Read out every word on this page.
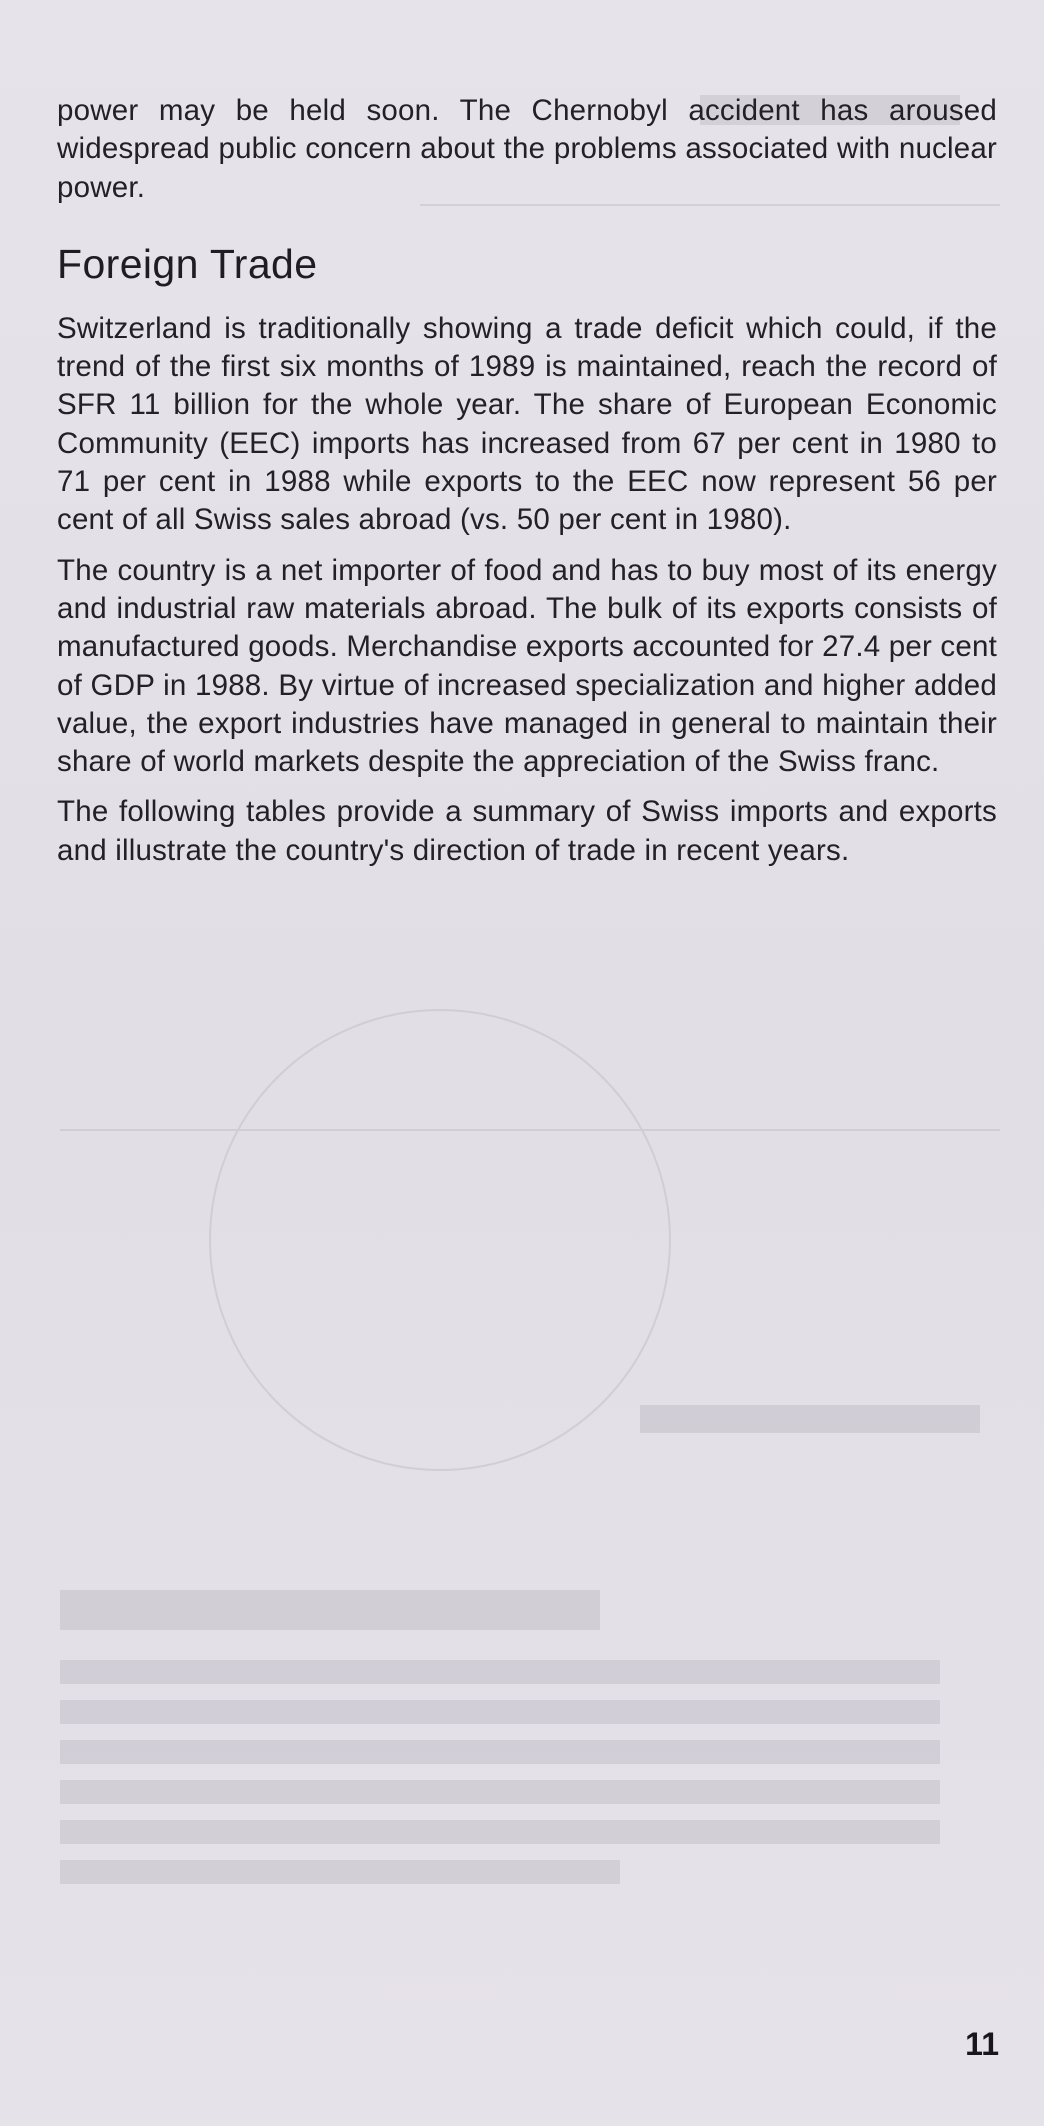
power may be held soon. The Chernobyl accident has aroused widespread public concern about the problems associated with nuclear power.

Foreign Trade

Switzerland is traditionally showing a trade deficit which could, if the trend of the first six months of 1989 is maintained, reach the record of SFR 11 billion for the whole year. The share of European Economic Community (EEC) imports has increased from 67 per cent in 1980 to 71 per cent in 1988 while exports to the EEC now represent 56 per cent of all Swiss sales abroad (vs. 50 per cent in 1980).

The country is a net importer of food and has to buy most of its energy and industrial raw materials abroad. The bulk of its exports consists of manufactured goods. Merchandise exports accounted for 27.4 per cent of GDP in 1988. By virtue of increased specialization and higher added value, the export industries have managed in general to maintain their share of world markets despite the appreciation of the Swiss franc.

The following tables provide a summary of Swiss imports and exports and illustrate the country's direction of trade in recent years.

11
